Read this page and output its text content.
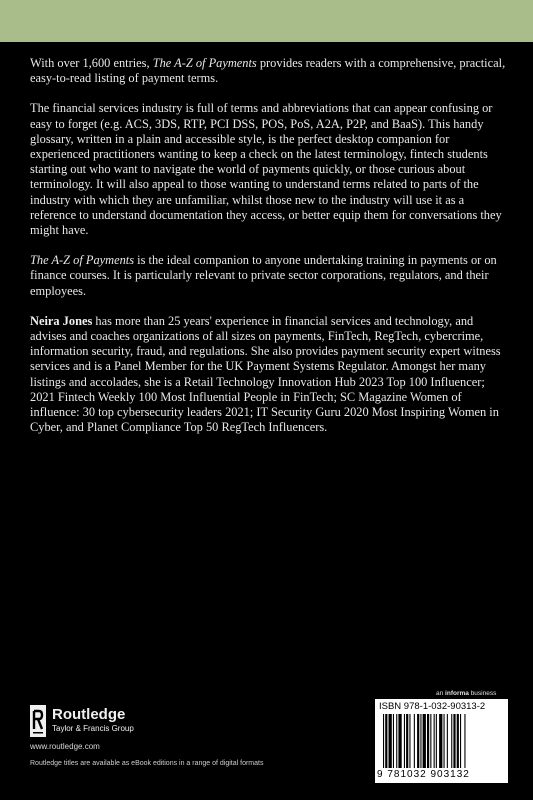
With over 1,600 entries, The A-Z of Payments provides readers with a comprehensive, practical, easy-to-read listing of payment terms.

The financial services industry is full of terms and abbreviations that can appear confusing or easy to forget (e.g. ACS, 3DS, RTP, PCI DSS, POS, PoS, A2A, P2P, and BaaS). This handy glossary, written in a plain and accessible style, is the perfect desktop companion for experienced practitioners wanting to keep a check on the latest terminology, fintech students starting out who want to navigate the world of payments quickly, or those curious about terminology. It will also appeal to those wanting to understand terms related to parts of the industry with which they are unfamiliar, whilst those new to the industry will use it as a reference to understand documentation they access, or better equip them for conversations they might have.

The A-Z of Payments is the ideal companion to anyone undertaking training in payments or on finance courses. It is particularly relevant to private sector corporations, regulators, and their employees.

Neira Jones has more than 25 years' experience in financial services and technology, and advises and coaches organizations of all sizes on payments, FinTech, RegTech, cybercrime, information security, fraud, and regulations. She also provides payment security expert witness services and is a Panel Member for the UK Payment Systems Regulator. Amongst her many listings and accolades, she is a Retail Technology Innovation Hub 2023 Top 100 Influencer; 2021 Fintech Weekly 100 Most Influential People in FinTech; SC Magazine Women of influence: 30 top cybersecurity leaders 2021; IT Security Guru 2020 Most Inspiring Women in Cyber, and Planet Compliance Top 50 RegTech Influencers.

Routledge
Taylor & Francis Group
www.routledge.com
Routledge titles are available as eBook editions in a range of digital formats
an informa business
ISBN 978-1-032-90313-2
9 781032 903132
